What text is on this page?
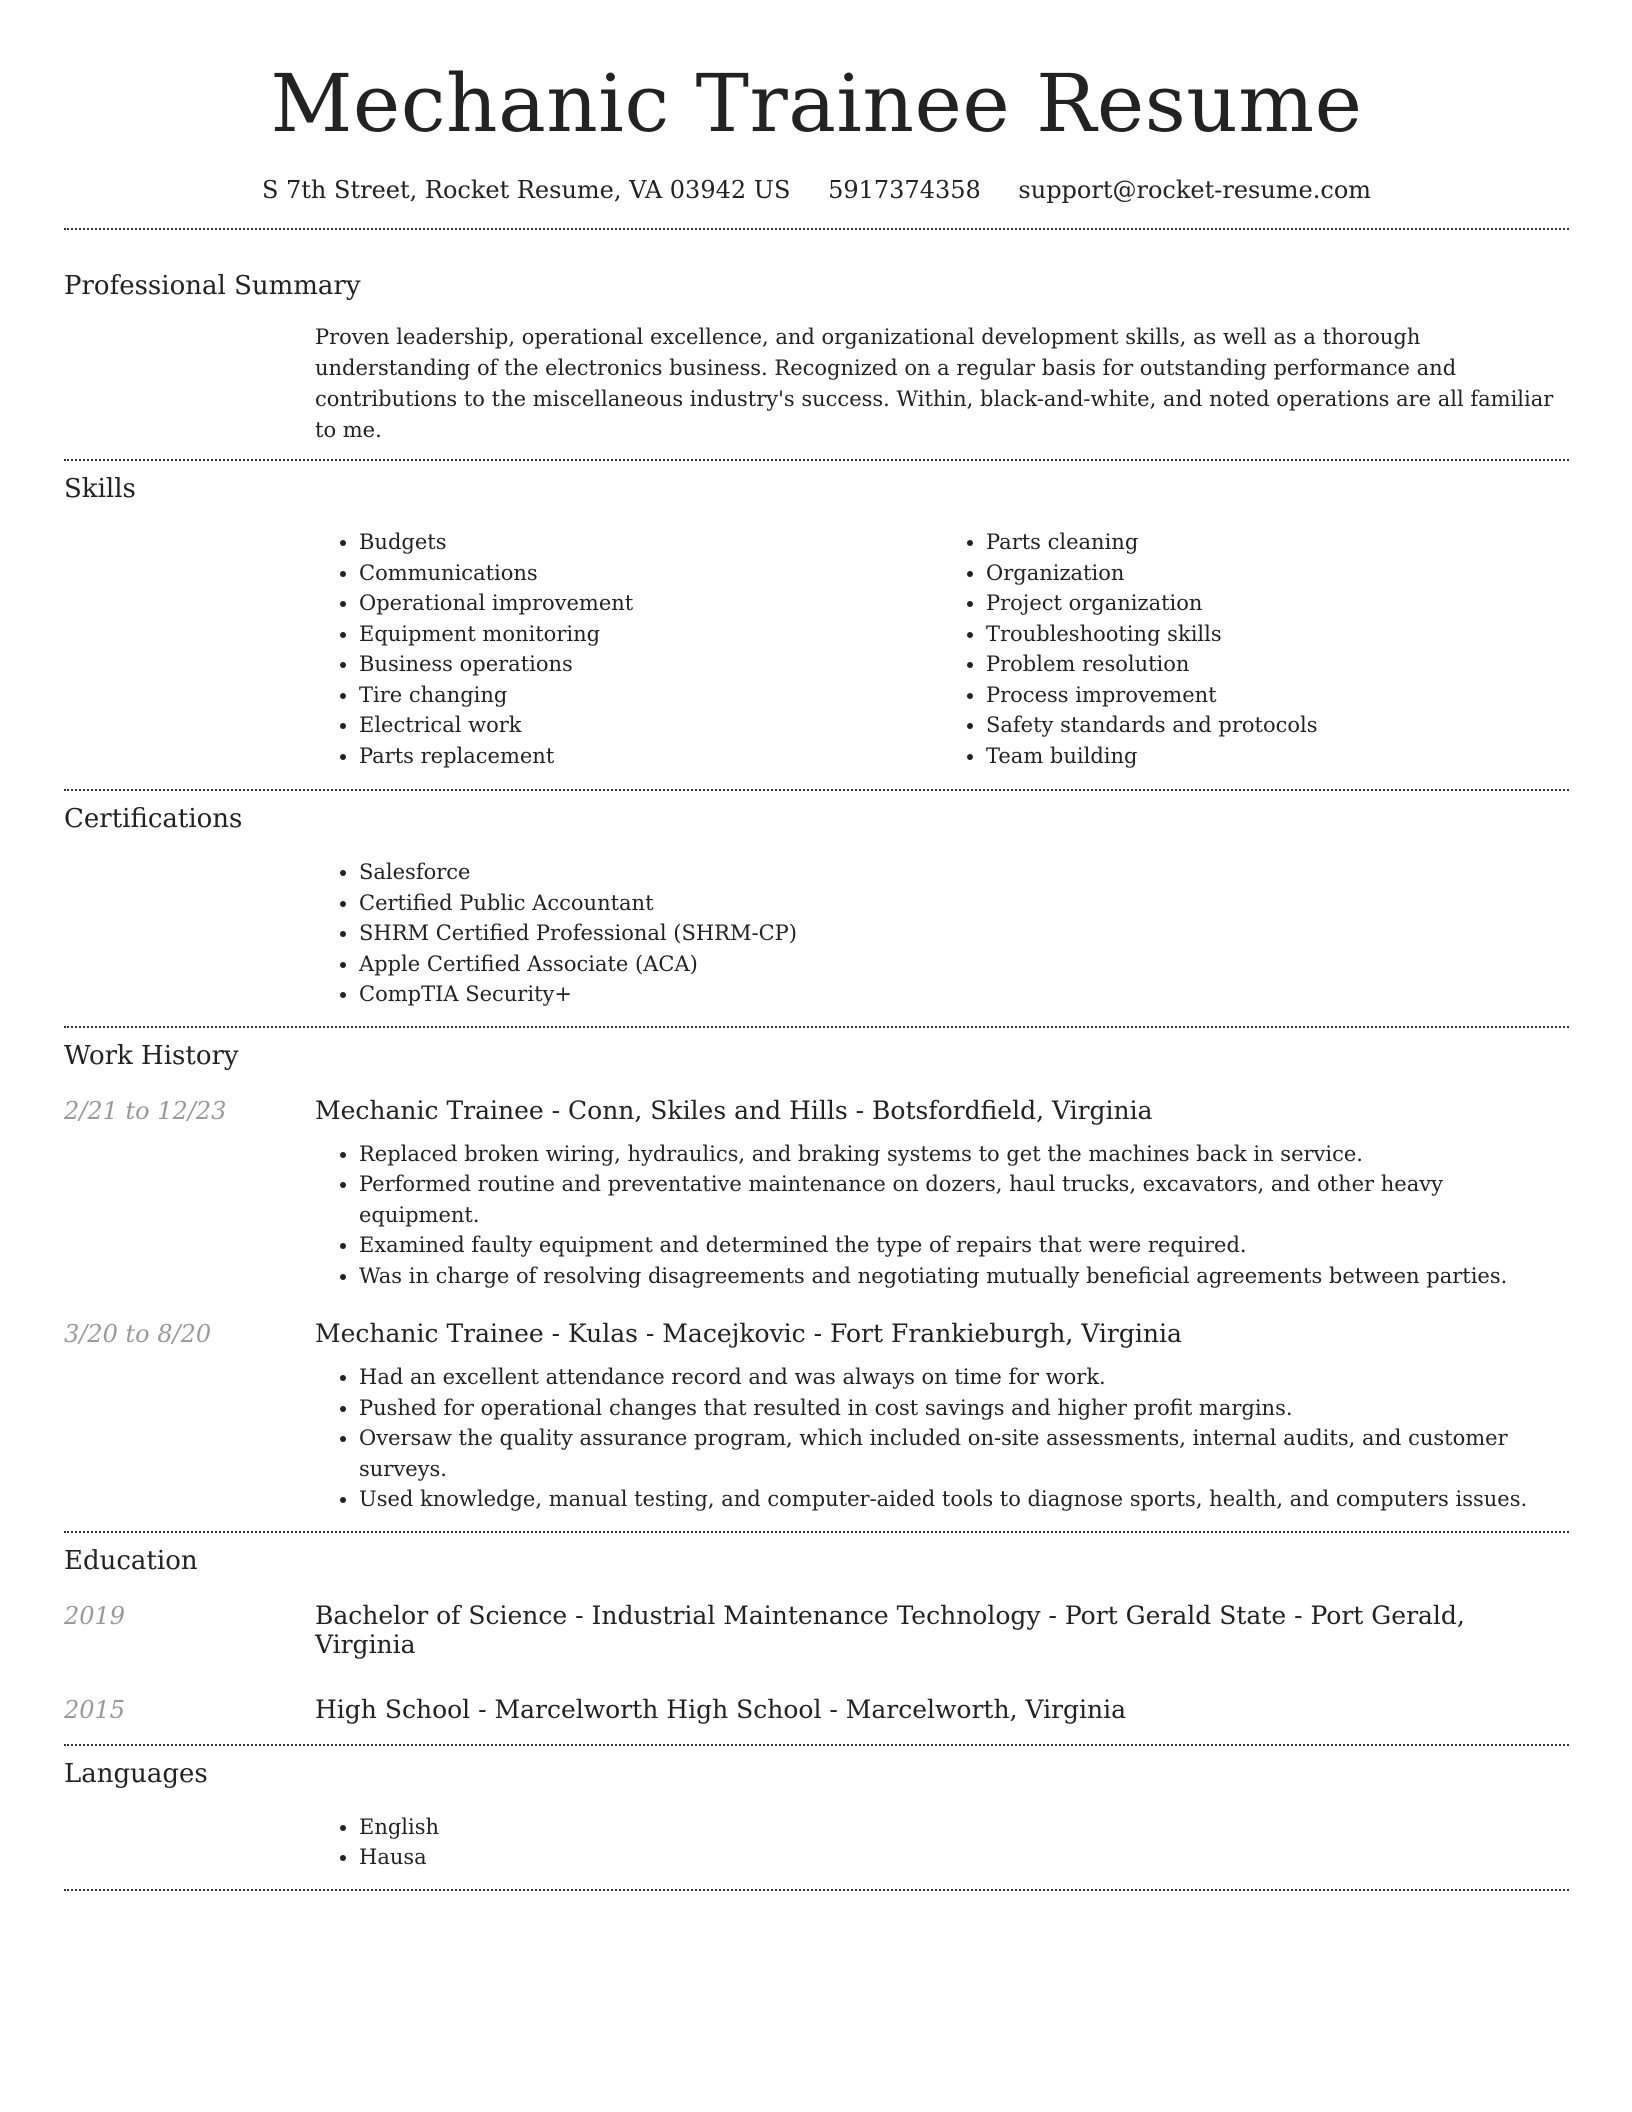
Mechanic Trainee Resume
S 7th Street, Rocket Resume, VA 03942 US 5917374358 support@rocket-resume.com
Professional Summary

Proven leadership, operational excellence, and organizational development skills, as well as a thorough understanding of the electronics business. Recognized on a regular basis for outstanding performance and contributions to the miscellaneous industry's success. Within, black-and-white, and noted operations are all familiar to me.

Skills
• Budgets
• Communications
• Operational improvement
• Equipment monitoring
• Business operations
• Tire changing
• Electrical work
• Parts replacement
• Parts cleaning
• Organization
• Project organization
• Troubleshooting skills
• Problem resolution
• Process improvement
• Safety standards and protocols
• Team building
Certifications
• Salesforce
• Certified Public Accountant
• SHRM Certified Professional (SHRM-CP)
• Apple Certified Associate (ACA)
• CompTIA Security+
Work History
2/21 to 12/23	Mechanic Trainee - Conn, Skiles and Hills - Botsfordfield, Virginia
• Replaced broken wiring, hydraulics, and braking systems to get the machines back in service.
• Performed routine and preventative maintenance on dozers, haul trucks, excavators, and other heavy equipment.
• Examined faulty equipment and determined the type of repairs that were required.
• Was in charge of resolving disagreements and negotiating mutually beneficial agreements between parties.
3/20 to 8/20	Mechanic Trainee - Kulas - Macejkovic - Fort Frankieburgh, Virginia
• Had an excellent attendance record and was always on time for work.
• Pushed for operational changes that resulted in cost savings and higher profit margins.
• Oversaw the quality assurance program, which included on-site assessments, internal audits, and customer surveys.
• Used knowledge, manual testing, and computer-aided tools to diagnose sports, health, and computers issues.
Education
2019	Bachelor of Science - Industrial Maintenance Technology - Port Gerald State - Port Gerald, Virginia
2015	High School - Marcelworth High School - Marcelworth, Virginia
Languages
• English
• Hausa
